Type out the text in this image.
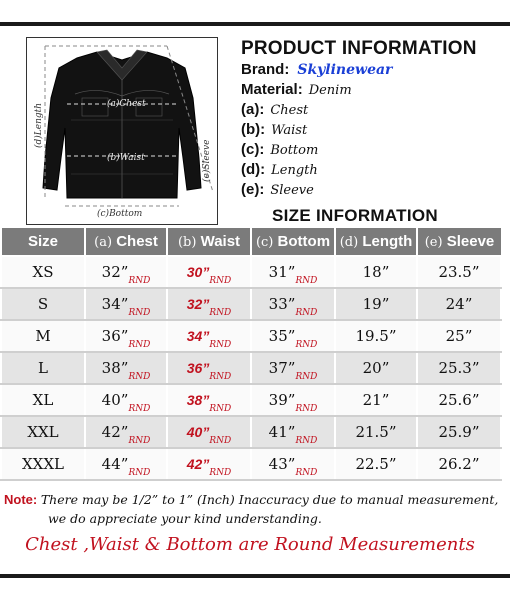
(a)Chest
(b)Waist
(c)Bottom
(d)Length
(e)Sleeve
PRODUCT INFORMATION
Brand: Skylinewear
Material: Denim
(a): Chest
(b): Waist
(c): Bottom
(d): Length
(e): Sleeve
SIZE INFORMATION
Size	(a) Chest	(b) Waist	(c) Bottom	(d) Length	(e) Sleeve
XS	$32”_{RND}$	$30”_{RND}$	$31”_{RND}$	18”	23.5”
S	$34”_{RND}$	$32”_{RND}$	$33”_{RND}$	19”	24”
M	$36”_{RND}$	$34”_{RND}$	$35”_{RND}$	19.5”	25”
L	$38”_{RND}$	$36”_{RND}$	$37”_{RND}$	20”	25.3”
XL	$40”_{RND}$	$38”_{RND}$	$39”_{RND}$	21”	25.6”
XXL	$42”_{RND}$	$40”_{RND}$	$41”_{RND}$	21.5”	25.9”
XXXL	$44”_{RND}$	$42”_{RND}$	$43”_{RND}$	22.5”	26.2”
Note: There may be 1/2” to 1” (Inch) Inaccuracy due to manual measurement,
we do appreciate your kind understanding.
Chest ,Waist & Bottom are Round Measurements
